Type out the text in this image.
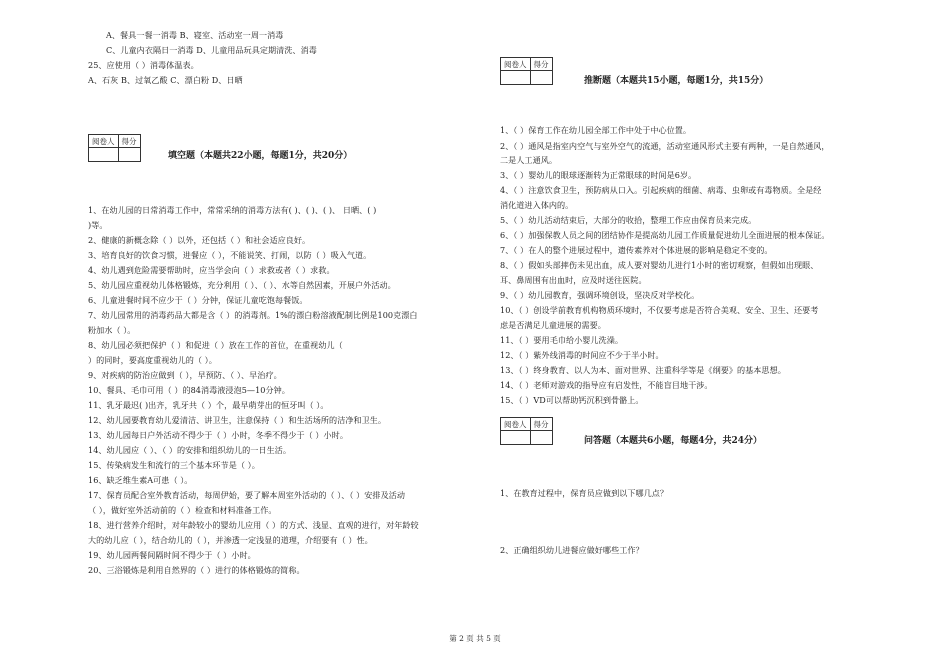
A、餐具一餐一消毒 B、寝室、活动室一周一消毒
C、儿童内衣隔日一消毒 D、儿童用品玩具定期清洗、消毒
25、应使用（ ）消毒体温表。
A、石灰 B、过氧乙酸 C、漂白粉 D、日晒
阅卷人	得分

填空题（本题共22小题，每题1分，共20分）
1、在幼儿园的日常消毒工作中，常常采纳的消毒方法有( )、( )、( )、 日晒、( )
)等。
2、健康的新概念除（ ）以外，还包括（ ）和社会适应良好。
3、培育良好的饮食习惯，进餐应（ ），不能说笑、打闹，以防（ ）吸入气道。
4、幼儿遇到危险需要帮助时，应当学会向（ ）求救或者（ ）求救。
5、幼儿园应重视幼儿体格锻炼，充分利用（ ）、（ ）、水等自然因素，开展户外活动。
6、儿童进餐时间不应少于（ ）分钟，保证儿童吃饱每餐饭。
7、幼儿园常用的消毒药品大都是含（ ）的消毒剂。1%的漂白粉溶液配制比例是100克漂白
粉加水（ ）。
8、幼儿园必须把保护（ ）和促进（ ）放在工作的首位，在重视幼儿（
）的同时，要高度重视幼儿的（ ）。
9、对疾病的防治应做到（ ），早预防、（ ）、早治疗。
10、餐具、毛巾可用（ ）的84消毒液浸泡5—10分钟。
11、乳牙最迟( )出齐，乳牙共（ ）个，最早萌芽出的恒牙叫（ ）。
12、幼儿园要教育幼儿爱清洁、讲卫生，注意保持（ ）和生活场所的洁净和卫生。
13、幼儿园每日户外活动不得少于（ ）小时，冬季不得少于（ ）小时。
14、幼儿园应（ ）、（ ）的安排和组织幼儿的一日生活。
15、传染病发生和流行的三个基本环节是（ ）。
16、缺乏维生素A可患（ ）。
17、保育员配合室外教育活动，每周伊始，要了解本周室外活动的（ ）、（ ）安排及活动
（ ），做好室外活动前的（ ）检查和材料准备工作。
18、进行营养介绍时，对年龄较小的婴幼儿应用（ ）的方式、浅显、直观的进行，对年龄较
大的幼儿应（ ），结合幼儿的（ ），并渗透一定浅显的道理，介绍要有（ ）性。
19、幼儿园两餐间隔时间不得少于（ ）小时。
20、三浴锻炼是利用自然界的（ ）进行的体格锻炼的简称。
阅卷人	得分

推断题（本题共15小题，每题1分，共15分）
1、（ ）保育工作在幼儿园全部工作中处于中心位置。
2、（ ）通风是指室内空气与室外空气的流通，活动室通风形式主要有两种，一是自然通风，
二是人工通风。
3、（ ）婴幼儿的眼球逐渐转为正常眼球的时间是6岁。
4、（ ）注意饮食卫生，预防病从口入。引起疾病的细菌、病毒、虫卵或有毒物质。全是经
消化道进入体内的。
5、（ ）幼儿活动结束后，大部分的收拾，整理工作应由保育员来完成。
6、（ ）加强保教人员之间的团结协作是提高幼儿园工作质量促进幼儿全面进展的根本保证。
7、（ ）在人的整个进展过程中，遗传素养对个体进展的影响是稳定不变的。
8、（ ）假如头部摔伤未见出血，成人要对婴幼儿进行1小时的密切观察，但假如出现眼、
耳、鼻周围有出血时，应及时送往医院。
9、（ ）幼儿园教育，强调环境创设，坚决反对学校化。
10、（ ）创设学前教育机构物质环境时，不仅要考虑是否符合美观、安全、卫生、还要考
虑是否满足儿童进展的需要。
11、（ ）要用毛巾给小婴儿洗澡。
12、（ ）紫外线消毒的时间应不少于半小时。
13、（ ）终身教育、以人为本、面对世界、注重科学等是《纲要》的基本思想。
14、（ ）老师对游戏的指导应有启发性，不能盲目地干涉。
15、（ ）VD可以帮助钙沉积到骨骼上。
阅卷人	得分

问答题（本题共6小题，每题4分，共24分）
1、在教育过程中，保育员应做到以下哪几点？
2、正确组织幼儿进餐应做好哪些工作？
第 2 页 共 5 页
